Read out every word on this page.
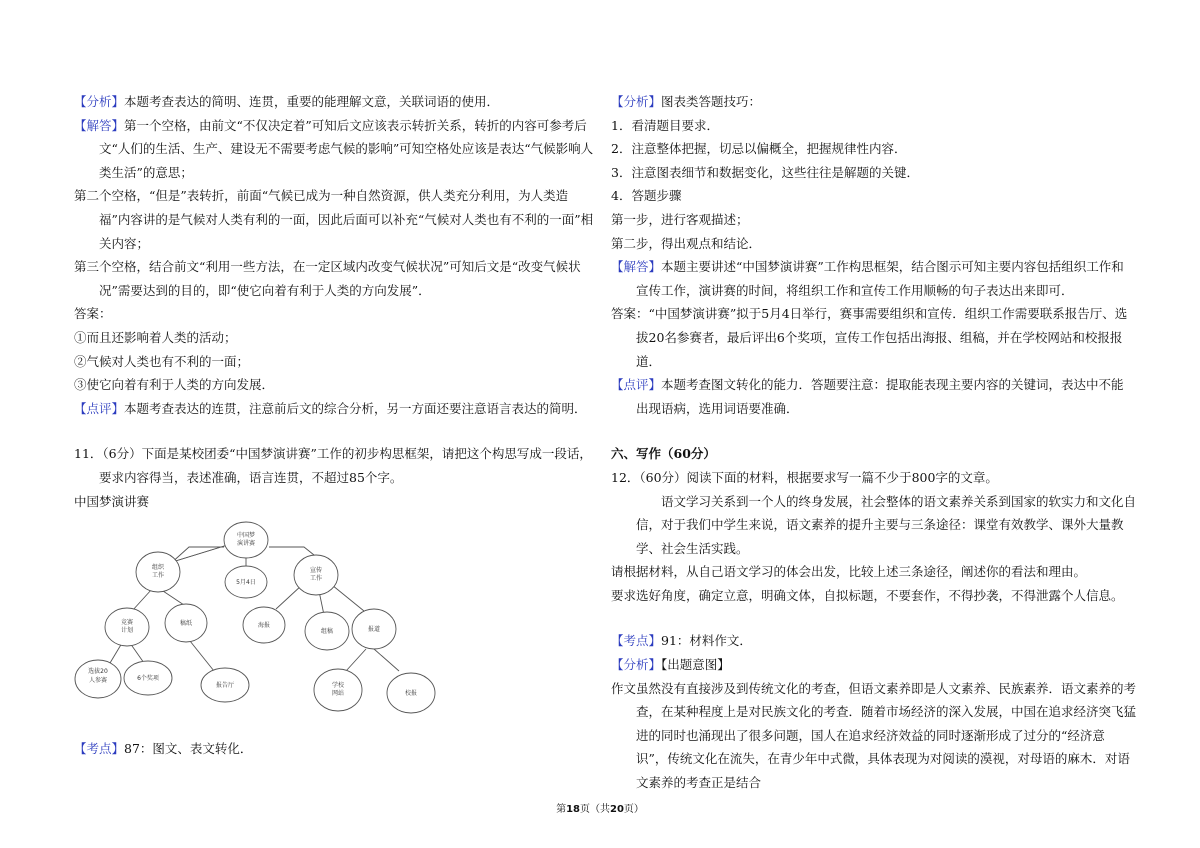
【分析】本题考查表达的简明、连贯，重要的能理解文意，关联词语的使用．

【解答】第一个空格，由前文“不仅决定着”可知后文应该表示转折关系，转折的内容可参考后文“人们的生活、生产、建设无不需要考虑气候的影响”可知空格处应该是表达“气候影响人类生活”的意思；

第二个空格，“但是”表转折，前面“气候已成为一种自然资源，供人类充分利用，为人类造福”内容讲的是气候对人类有利的一面，因此后面可以补充“气候对人类也有不利的一面”相关内容；

第三个空格，结合前文“利用一些方法，在一定区域内改变气候状况”可知后文是“改变气候状况”需要达到的目的，即“使它向着有利于人类的方向发展”．

答案：

①而且还影响着人类的活动；

②气候对人类也有不利的一面；

③使它向着有利于人类的方向发展．

【点评】本题考查表达的连贯，注意前后文的综合分析，另一方面还要注意语言表达的简明．

11．（6分）下面是某校团委“中国梦演讲赛”工作的初步构思框架，请把这个构思写成一段话，要求内容得当，表述准确，语言连贯，不超过85个字。

中国梦演讲赛

中国梦
演讲赛
5月4日
组织
工作
竞赛
计划
稿纸
选拔20
人参赛	6个奖项
报告厅
宣传
工作
海报
组稿	报道
学校
网站	校报

【考点】87：图文、表文转化．

【分析】图表类答题技巧：

1．看清题目要求．

2．注意整体把握，切忌以偏概全，把握规律性内容．

3．注意图表细节和数据变化，这些往往是解题的关键．

4．答题步骤

第一步，进行客观描述；

第二步，得出观点和结论．

【解答】本题主要讲述“中国梦演讲赛”工作构思框架，结合图示可知主要内容包括组织工作和宣传工作，演讲赛的时间，将组织工作和宣传工作用顺畅的句子表达出来即可．

答案：“中国梦演讲赛”拟于5月4日举行，赛事需要组织和宣传．组织工作需要联系报告厅、选拔20名参赛者，最后评出6个奖项，宣传工作包括出海报、组稿，并在学校网站和校报报道．

【点评】本题考查图文转化的能力．答题要注意：提取能表现主要内容的关键词，表达中不能出现语病，选用词语要准确．

六、写作（60分）

12．（60分）阅读下面的材料，根据要求写一篇不少于800字的文章。

语文学习关系到一个人的终身发展，社会整体的语文素养关系到国家的软实力和文化自信，对于我们中学生来说，语文素养的提升主要与三条途径：课堂有效教学、课外大量教学、社会生活实践。

请根据材料，从自己语文学习的体会出发，比较上述三条途径，阐述你的看法和理由。

要求选好角度，确定立意，明确文体，自拟标题，不要套作，不得抄袭，不得泄露个人信息。

【考点】91：材料作文．

【分析】【出题意图】

作文虽然没有直接涉及到传统文化的考查，但语文素养即是人文素养、民族素养．语文素养的考查，在某种程度上是对民族文化的考查．随着市场经济的深入发展，中国在追求经济突飞猛进的同时也涌现出了很多问题，国人在追求经济效益的同时逐渐形成了过分的“经济意识”，传统文化在流失，在青少年中式微，具体表现为对阅读的漠视，对母语的麻木．对语文素养的考查正是结合

第18页（共20页）
